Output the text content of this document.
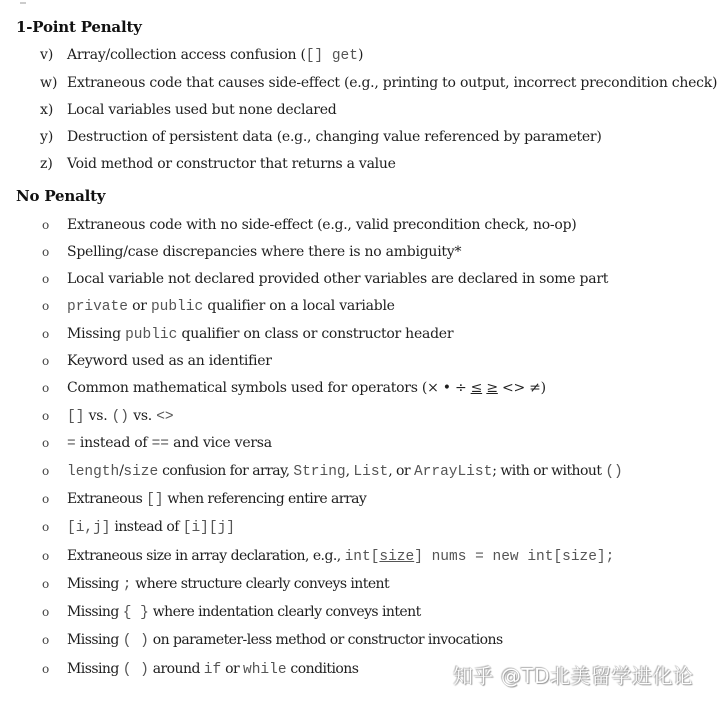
1-Point Penalty
v) Array/collection access confusion ([] get)
w) Extraneous code that causes side-effect (e.g., printing to output, incorrect precondition check)
x) Local variables used but none declared
y) Destruction of persistent data (e.g., changing value referenced by parameter)
z) Void method or constructor that returns a value
No Penalty
o Extraneous code with no side-effect (e.g., valid precondition check, no-op)
o Spelling/case discrepancies where there is no ambiguity*
o Local variable not declared provided other variables are declared in some part
o private or public qualifier on a local variable
o Missing public qualifier on class or constructor header
o Keyword used as an identifier
o Common mathematical symbols used for operators (× • ÷ ≤ ≥ <> ≠)
o [] vs. () vs. <>
o = instead of == and vice versa
o length/size confusion for array, String, List, or ArrayList; with or without ()
o Extraneous [] when referencing entire array
o [i,j] instead of [i][j]
o Extraneous size in array declaration, e.g., int[size] nums = new int[size];
o Missing ; where structure clearly conveys intent
o Missing { } where indentation clearly conveys intent
o Missing ( ) on parameter-less method or constructor invocations
o Missing ( ) around if or while conditions	知乎 @TD北美留学进化论
